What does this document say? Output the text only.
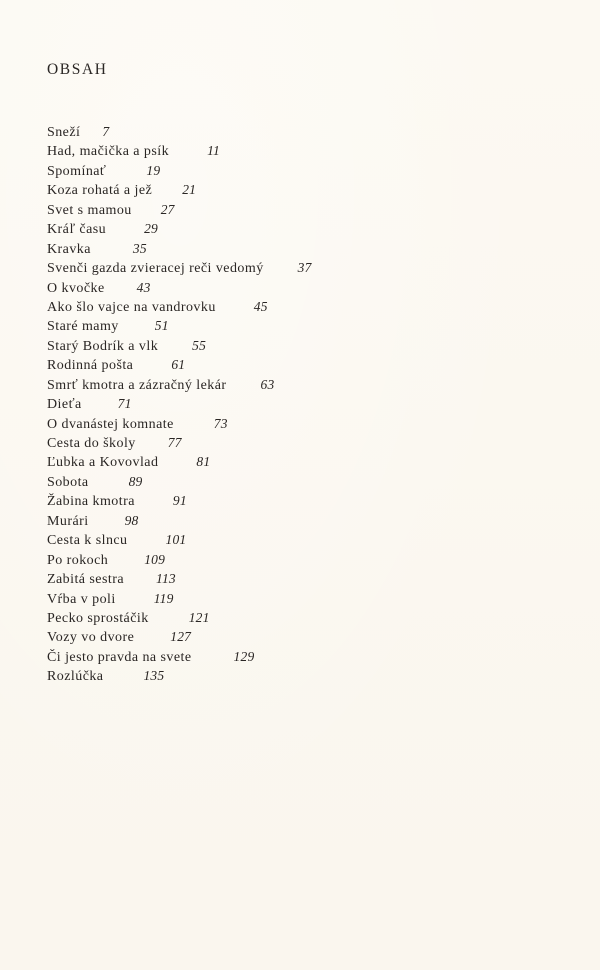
OBSAH
Sneží 7
Had, mačička a psík	11
Spomínať	19
Koza rohatá a jež 21
Svet s mamou 27
Kráľ času	29
Kravka	35
Svenči gazda zvieracej reči vedomý	37
O kvočke 43
Ako šlo vajce na vandrovku	45
Staré mamy	51
Starý Bodrík a vlk	55
Rodinná pošta	61
Smrť kmotra a zázračný lekár	63
Dieťa	71
O dvanástej komnate	73
Cesta do školy 77
Ľubka a Kovovlad	81
Sobota	89
Žabina kmotra	91
Murári	98
Cesta k slncu	101
Po rokoch	109
Zabitá sestra 113
Vŕba v poli	119
Pecko sprostáčik	121
Vozy vo dvore	127
Či jesto pravda na svete	129
Rozlúčka	135
